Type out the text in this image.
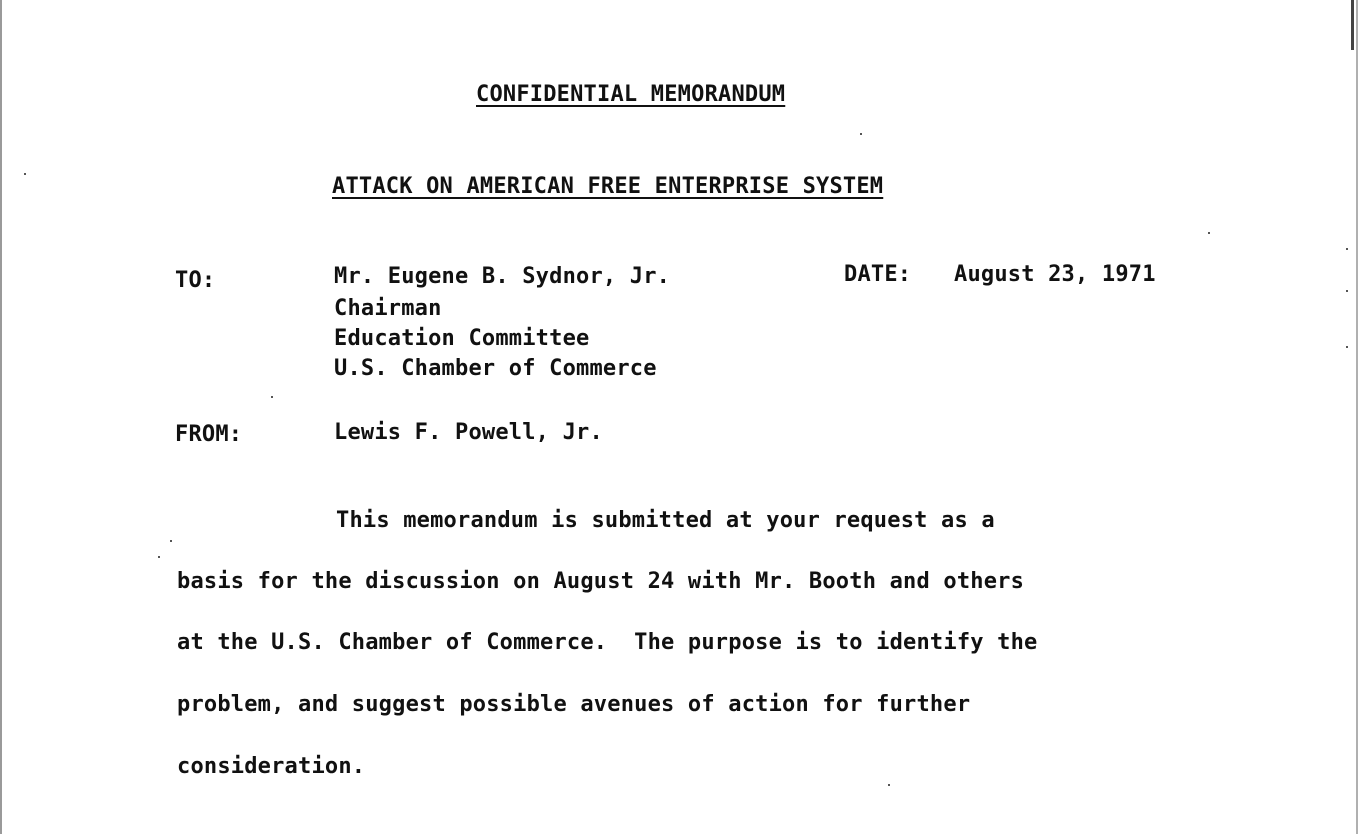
CONFIDENTIAL MEMORANDUM
ATTACK ON AMERICAN FREE ENTERPRISE SYSTEM
TO:	Mr. Eugene B. Sydnor, Jr.
Chairman
Education Committee
U.S. Chamber of Commerce
DATE: August 23, 1971
FROM:	Lewis F. Powell, Jr.
This memorandum is submitted at your request as a
basis for the discussion on August 24 with Mr. Booth and others
at the U.S. Chamber of Commerce.  The purpose is to identify the
problem, and suggest possible avenues of action for further
consideration.
